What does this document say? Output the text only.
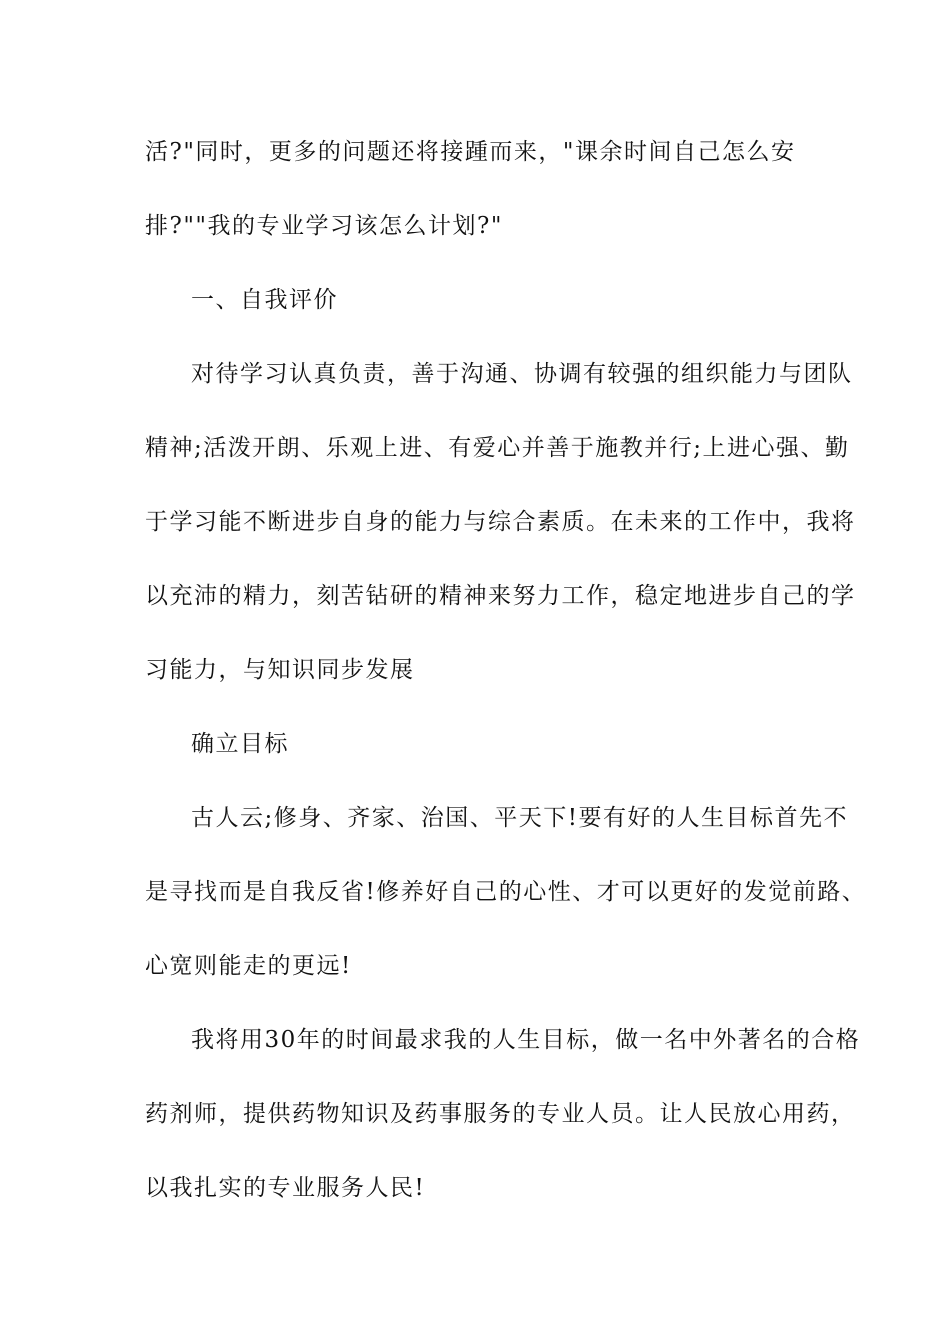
活?"同时，更多的问题还将接踵而来，"课余时间自己怎么安
排?""我的专业学习该怎么计划?"
一、自我评价
对待学习认真负责，善于沟通、协调有较强的组织能力与团队
精神;活泼开朗、乐观上进、有爱心并善于施教并行;上进心强、勤
于学习能不断进步自身的能力与综合素质。在未来的工作中，我将
以充沛的精力，刻苦钻研的精神来努力工作，稳定地进步自己的学
习能力，与知识同步发展
确立目标
古人云;修身、齐家、治国、平天下!要有好的人生目标首先不
是寻找而是自我反省!修养好自己的心性、才可以更好的发觉前路、
心宽则能走的更远!
我将用30年的时间最求我的人生目标，做一名中外著名的合格
药剂师，提供药物知识及药事服务的专业人员。让人民放心用药，
以我扎实的专业服务人民!
